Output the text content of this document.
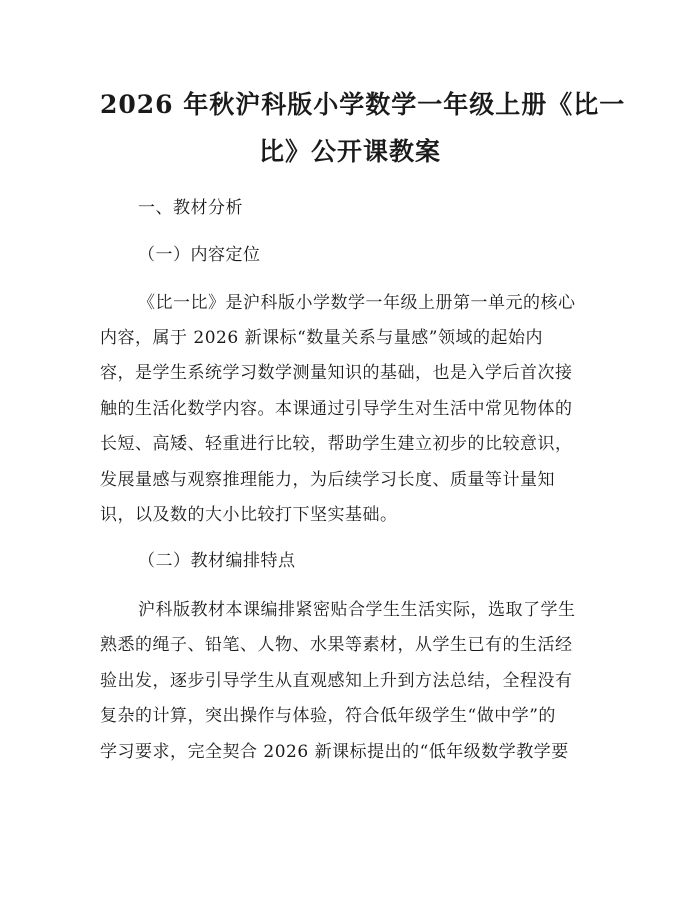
2026 年秋沪科版小学数学一年级上册《比一
比》公开课教案
一、教材分析
（一）内容定位
《比一比》是沪科版小学数学一年级上册第一单元的核心
内容，属于 2026 新课标“数量关系与量感”领域的起始内
容，是学生系统学习数学测量知识的基础，也是入学后首次接
触的生活化数学内容。本课通过引导学生对生活中常见物体的
长短、高矮、轻重进行比较，帮助学生建立初步的比较意识，
发展量感与观察推理能力，为后续学习长度、质量等计量知
识，以及数的大小比较打下坚实基础。
（二）教材编排特点
沪科版教材本课编排紧密贴合学生生活实际，选取了学生
熟悉的绳子、铅笔、人物、水果等素材，从学生已有的生活经
验出发，逐步引导学生从直观感知上升到方法总结，全程没有
复杂的计算，突出操作与体验，符合低年级学生“做中学”的
学习要求，完全契合 2026 新课标提出的“低年级数学教学要
